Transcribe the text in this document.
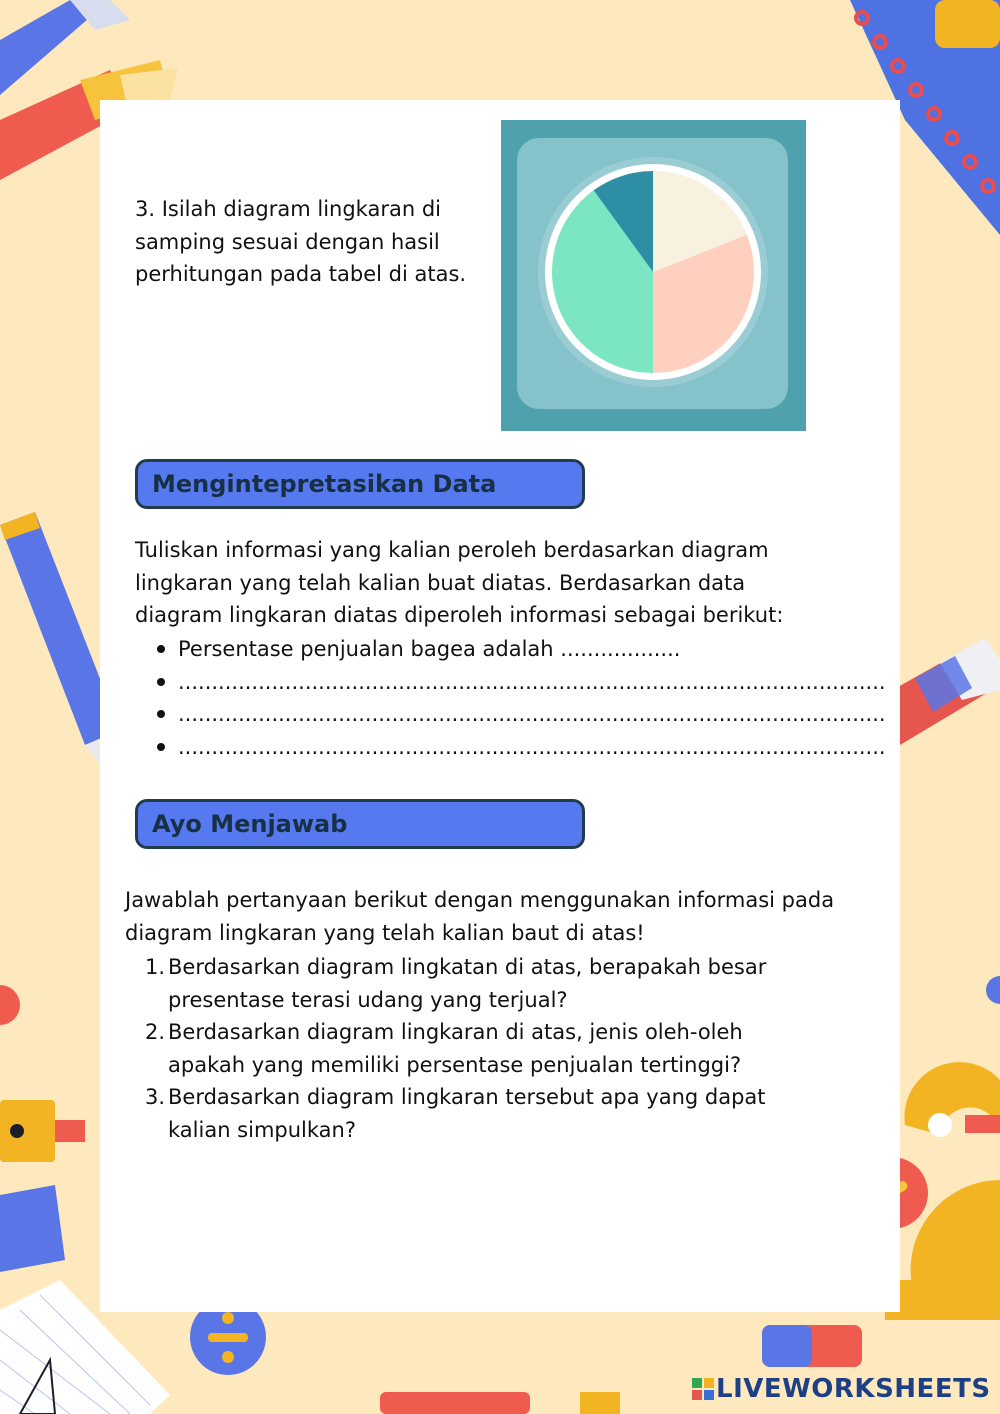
3. Isilah diagram lingkaran di samping sesuai dengan hasil perhitungan pada tabel di atas.
Mengintepretasikan Data
Tuliskan informasi yang kalian peroleh berdasarkan diagram lingkaran yang telah kalian buat diatas. Berdasarkan data diagram lingkaran diatas diperoleh informasi sebagai berikut:
Persentase penjualan bagea adalah ..................
..........................................................................................................
..........................................................................................................
..........................................................................................................
Ayo Menjawab
Jawablah pertanyaan berikut dengan menggunakan informasi pada diagram lingkaran yang telah kalian baut di atas!
1. Berdasarkan diagram lingkatan di atas, berapakah besar presentase terasi udang yang terjual?
2. Berdasarkan diagram lingkaran di atas, jenis oleh-oleh apakah yang memiliki persentase penjualan tertinggi?
3. Berdasarkan diagram lingkaran tersebut apa yang dapat kalian simpulkan?
LIVEWORKSHEETS
